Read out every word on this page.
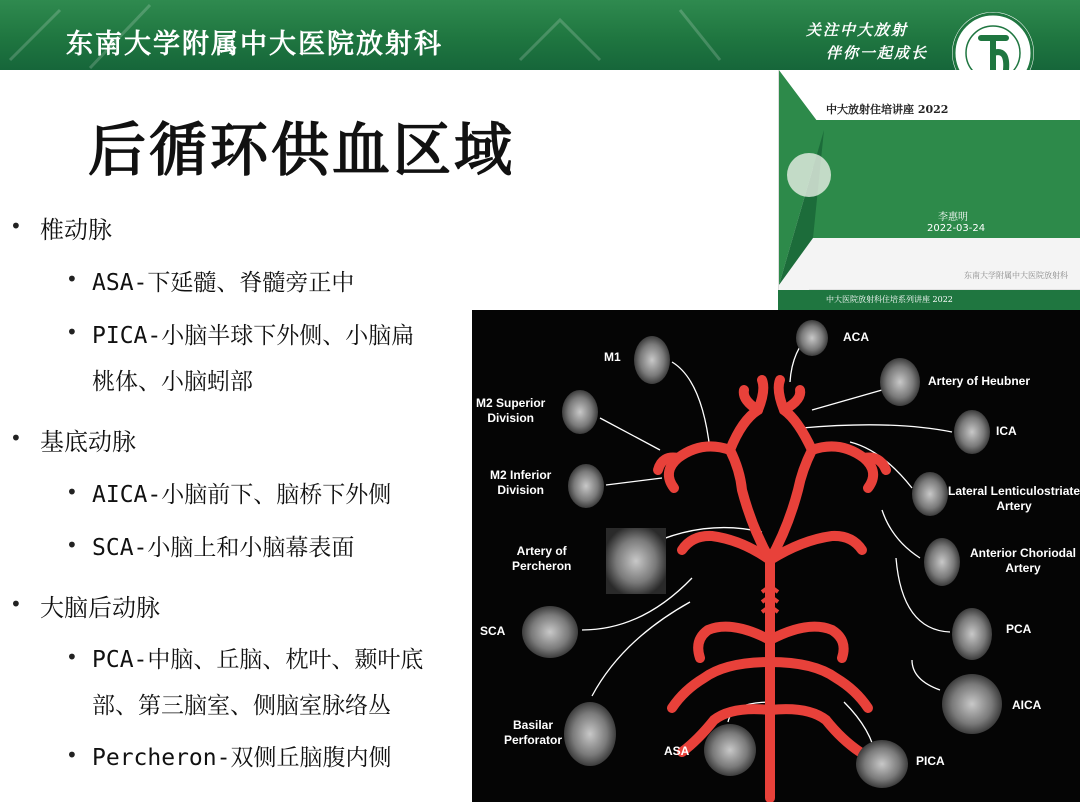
东南大学附属中大医院放射科	关注中大放射
伴你一起成长
后循环供血区域
• 椎动脉
• ASA-下延髓、脊髓旁正中
• PICA-小脑半球下外侧、小脑扁
桃体、小脑蚓部
• 基底动脉
• AICA-小脑前下、脑桥下外侧
• SCA-小脑上和小脑幕表面
• 大脑后动脉
• PCA-中脑、丘脑、枕叶、颞叶底
部、第三脑室、侧脑室脉络丛
• Percheron-双侧丘脑腹内侧
中大放射住培讲座 2022
李惠明
2022-03-24
东南大学附属中大医院放射科
中大医院放射科住培系列讲座 2022
ACA
M1
Artery of Heubner
M2 Superior
Division
ICA
M2 Inferior
Division	Lateral Lenticulostriate
Artery
Artery of
Percheron
Anterior Choriodal
Artery
SCA	PCA
AICA
Basilar
Perforator
ASA
PICA
